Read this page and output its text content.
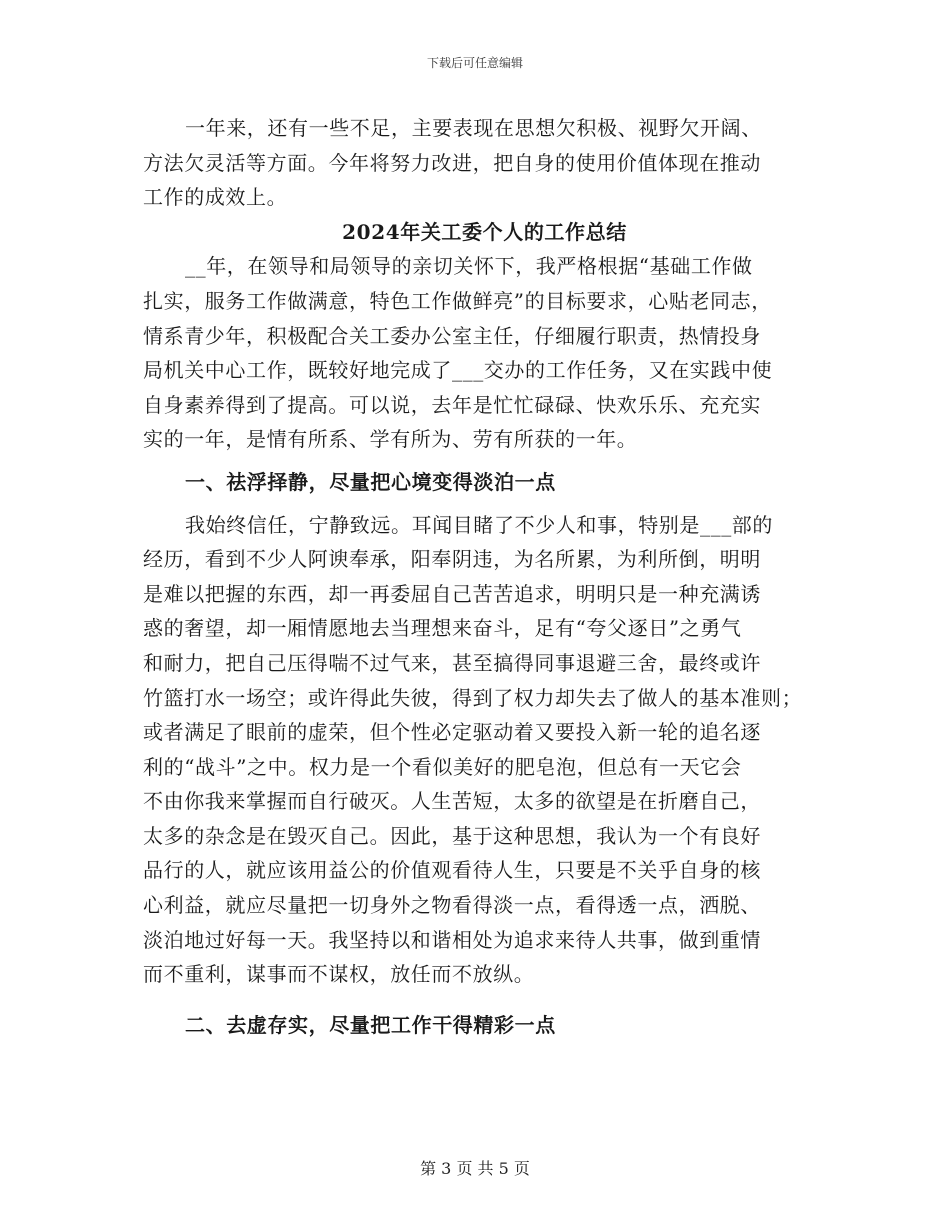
下载后可任意编辑
一年来，还有一些不足，主要表现在思想欠积极、视野欠开阔、
方法欠灵活等方面。今年将努力改进，把自身的使用价值体现在推动
工作的成效上。
2024年关工委个人的工作总结
__年，在领导和局领导的亲切关怀下，我严格根据“基础工作做
扎实，服务工作做满意，特色工作做鲜亮”的目标要求，心贴老同志，
情系青少年，积极配合关工委办公室主任，仔细履行职责，热情投身
局机关中心工作，既较好地完成了___交办的工作任务，又在实践中使
自身素养得到了提高。可以说，去年是忙忙碌碌、快欢乐乐、充充实
实的一年，是情有所系、学有所为、劳有所获的一年。
一、祛浮择静，尽量把心境变得淡泊一点
我始终信任，宁静致远。耳闻目睹了不少人和事，特别是___部的
经历，看到不少人阿谀奉承，阳奉阴违，为名所累，为利所倒，明明
是难以把握的东西，却一再委屈自己苦苦追求，明明只是一种充满诱
惑的奢望，却一厢情愿地去当理想来奋斗，足有“夸父逐日”之勇气
和耐力，把自己压得喘不过气来，甚至搞得同事退避三舍，最终或许
竹篮打水一场空；或许得此失彼，得到了权力却失去了做人的基本准则；
或者满足了眼前的虚荣，但个性必定驱动着又要投入新一轮的追名逐
利的“战斗”之中。权力是一个看似美好的肥皂泡，但总有一天它会
不由你我来掌握而自行破灭。人生苦短，太多的欲望是在折磨自己，
太多的杂念是在毁灭自己。因此，基于这种思想，我认为一个有良好
品行的人，就应该用益公的价值观看待人生，只要是不关乎自身的核
心利益，就应尽量把一切身外之物看得淡一点，看得透一点，洒脱、
淡泊地过好每一天。我坚持以和谐相处为追求来待人共事，做到重情
而不重利，谋事而不谋权，放任而不放纵。
二、去虚存实，尽量把工作干得精彩一点
第 3 页 共 5 页
